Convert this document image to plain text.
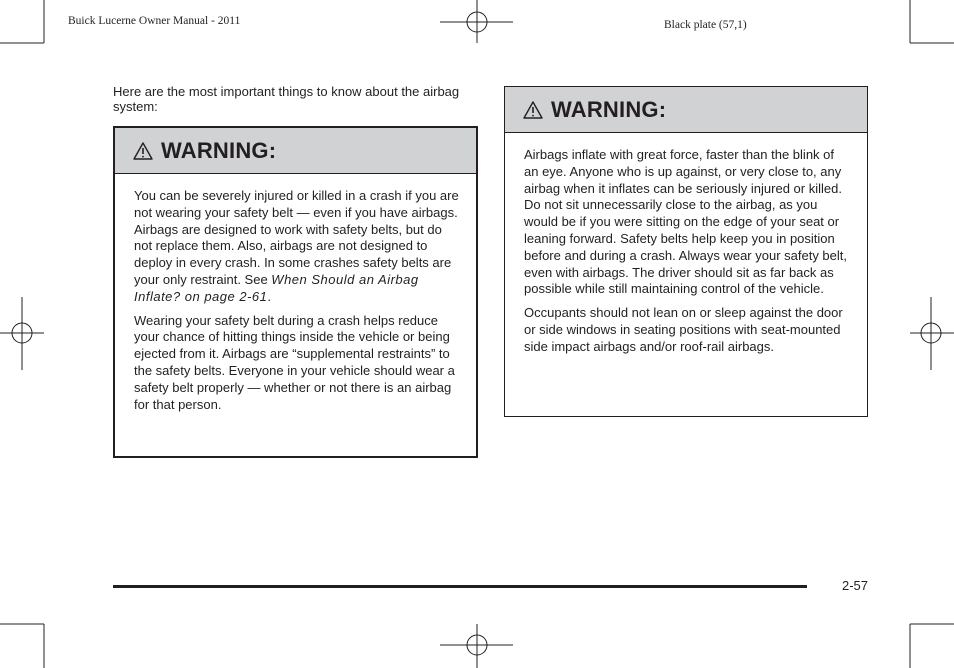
Buick Lucerne Owner Manual - 2011	Black plate (57,1)
Here are the most important things to know about the airbag system:
WARNING:

You can be severely injured or killed in a crash if you are not wearing your safety belt — even if you have airbags. Airbags are designed to work with safety belts, but do not replace them. Also, airbags are not designed to deploy in every crash. In some crashes safety belts are your only restraint. See When Should an Airbag Inflate? on page 2-61.

Wearing your safety belt during a crash helps reduce your chance of hitting things inside the vehicle or being ejected from it. Airbags are “supplemental restraints” to the safety belts. Everyone in your vehicle should wear a safety belt properly — whether or not there is an airbag for that person.

WARNING:

Airbags inflate with great force, faster than the blink of an eye. Anyone who is up against, or very close to, any airbag when it inflates can be seriously injured or killed. Do not sit unnecessarily close to the airbag, as you would be if you were sitting on the edge of your seat or leaning forward. Safety belts help keep you in position before and during a crash. Always wear your safety belt, even with airbags. The driver should sit as far back as possible while still maintaining control of the vehicle.

Occupants should not lean on or sleep against the door or side windows in seating positions with seat-mounted side impact airbags and/or roof-rail airbags.

2-57
